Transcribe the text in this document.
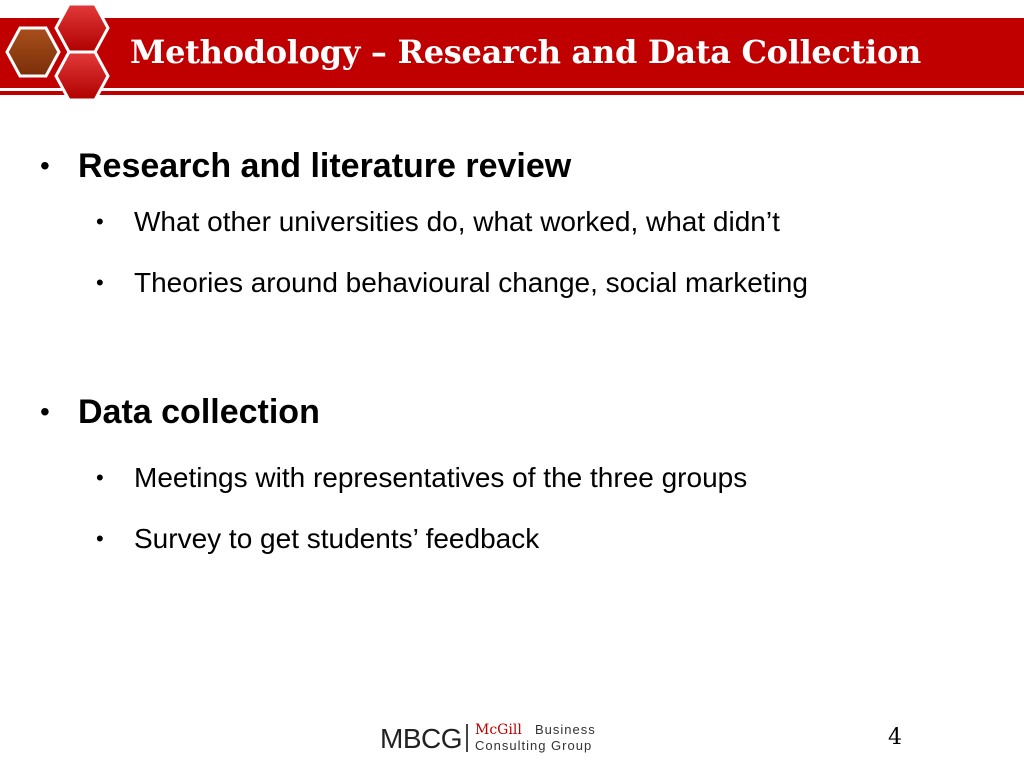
Methodology – Research and Data Collection
• Research and literature review
• What other universities do, what worked, what didn’t
• Theories around behavioural change, social marketing
• Data collection
• Meetings with representatives of the three groups
• Survey to get students’ feedback
MBCG McGill Business
Consulting Group	4
